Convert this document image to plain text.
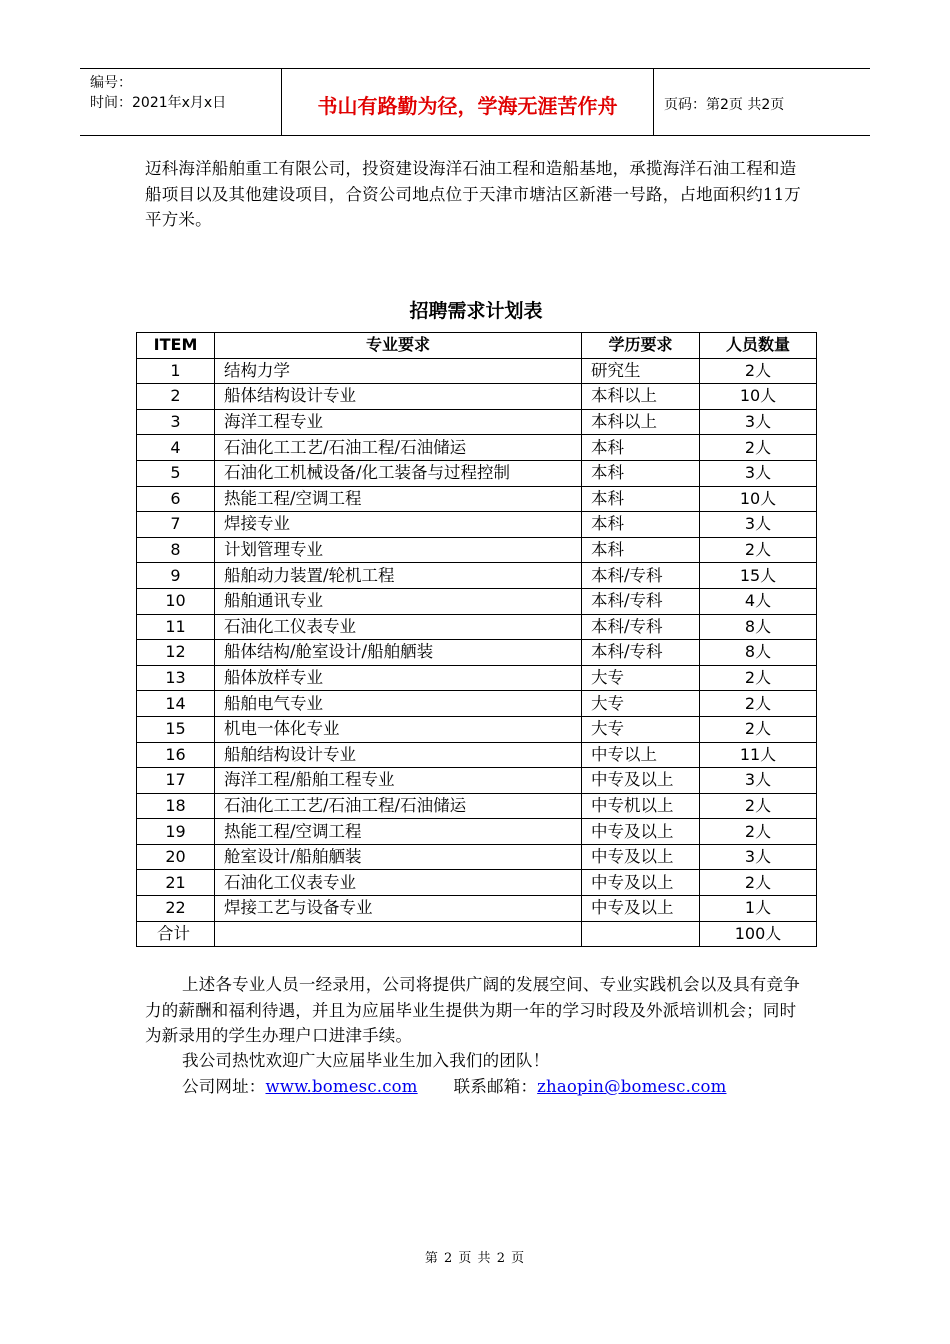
编号：
时间：2021年x月x日	书山有路勤为径，学海无涯苦作舟	页码：第2页 共2页
迈科海洋船舶重工有限公司，投资建设海洋石油工程和造船基地，承揽海洋石油工程和造船项目以及其他建设项目，合资公司地点位于天津市塘沽区新港一号路，占地面积约11万平方米。
招聘需求计划表
ITEM	专业要求	学历要求	人员数量
1	结构力学	研究生	2人
2	船体结构设计专业	本科以上	10人
3	海洋工程专业	本科以上	3人
4	石油化工工艺/石油工程/石油储运	本科	2人
5	石油化工机械设备/化工装备与过程控制	本科	3人
6	热能工程/空调工程	本科	10人
7	焊接专业	本科	3人
8	计划管理专业	本科	2人
9	船舶动力装置/轮机工程	本科/专科	15人
10	船舶通讯专业	本科/专科	4人
11	石油化工仪表专业	本科/专科	8人
12	船体结构/舱室设计/船舶舾装	本科/专科	8人
13	船体放样专业	大专	2人
14	船舶电气专业	大专	2人
15	机电一体化专业	大专	2人
16	船舶结构设计专业	中专以上	11人
17	海洋工程/船舶工程专业	中专及以上	3人
18	石油化工工艺/石油工程/石油储运	中专机以上	2人
19	热能工程/空调工程	中专及以上	2人
20	舱室设计/船舶舾装	中专及以上	3人
21	石油化工仪表专业	中专及以上	2人
22	焊接工艺与设备专业	中专及以上	1人
合计			100人
上述各专业人员一经录用，公司将提供广阔的发展空间、专业实践机会以及具有竞争力的薪酬和福利待遇，并且为应届毕业生提供为期一年的学习时段及外派培训机会；同时为新录用的学生办理户口进津手续。
我公司热忱欢迎广大应届毕业生加入我们的团队！
公司网址：www.bomesc.com 联系邮箱：zhaopin@bomesc.com
第 2 页 共 2 页
